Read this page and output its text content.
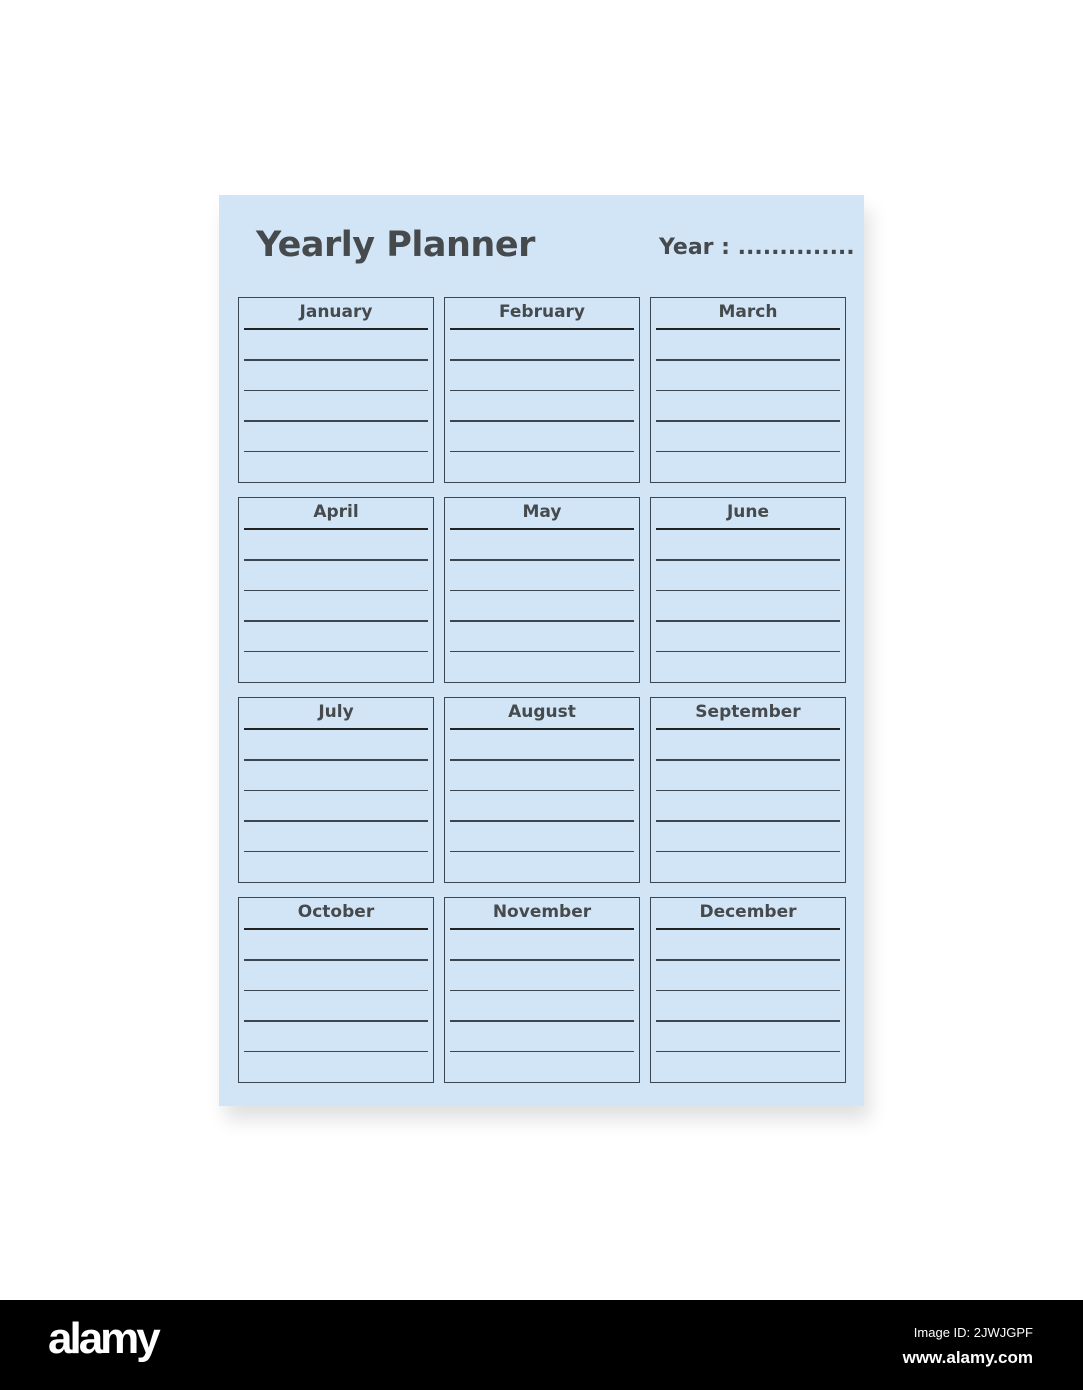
Yearly Planner	Year : ..............
January	February	March
April	May	June
July	August	September
October	November	December
alamy	Image ID: 2JWJGPF
www.alamy.com
